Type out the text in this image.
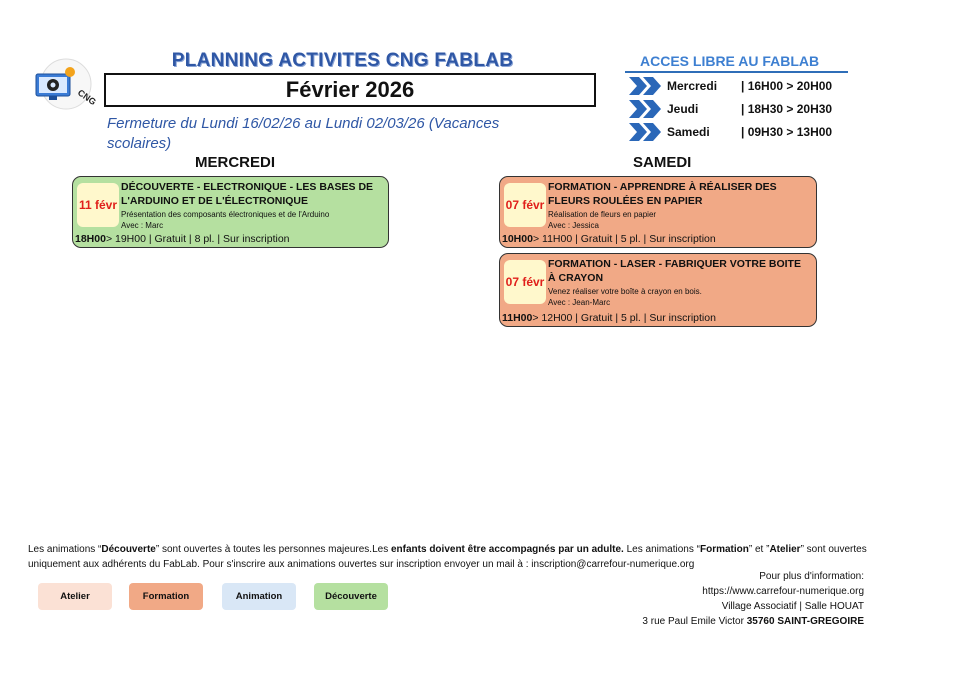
CNG
PLANNING ACTIVITES CNG FABLAB
Février 2026
Fermeture du Lundi 16/02/26 au Lundi 02/03/26 (Vacances scolaires)
ACCES LIBRE AU FABLAB
Mercredi	| 16H00 > 20H00
Jeudi	| 18H30 > 20H30
Samedi	| 09H30 > 13H00
MERCREDI	SAMEDI
11 févr
DÉCOUVERTE - ELECTRONIQUE - LES BASES DE L'ARDUINO ET DE L'ÉLECTRONIQUE
Présentation des composants électroniques et de l'Arduino
Avec : Marc
18H00> 19H00 | Gratuit | 8 pl. | Sur inscription
07 févr
FORMATION - APPRENDRE À RÉALISER DES FLEURS ROULÉES EN PAPIER
Réalisation de fleurs en papier
Avec : Jessica
10H00> 11H00 | Gratuit | 5 pl. | Sur inscription
07 févr
FORMATION - LASER - FABRIQUER VOTRE BOITE À CRAYON
Venez réaliser votre boîte à crayon en bois.
Avec : Jean-Marc
11H00> 12H00 | Gratuit | 5 pl. | Sur inscription
Les animations “Découverte” sont ouvertes à toutes les personnes majeures.Les enfants doivent être accompagnés par un adulte. Les animations “Formation” et ”Atelier” sont ouvertes uniquement aux adhérents du FabLab. Pour s'inscrire aux animations ouvertes sur inscription envoyer un mail à : inscription@carrefour-numerique.org
Atelier	Formation	Animation	Découverte
Pour plus d'information:
https://www.carrefour-numerique.org
Village Associatif | Salle HOUAT
3 rue Paul Emile Victor 35760 SAINT-GREGOIRE
